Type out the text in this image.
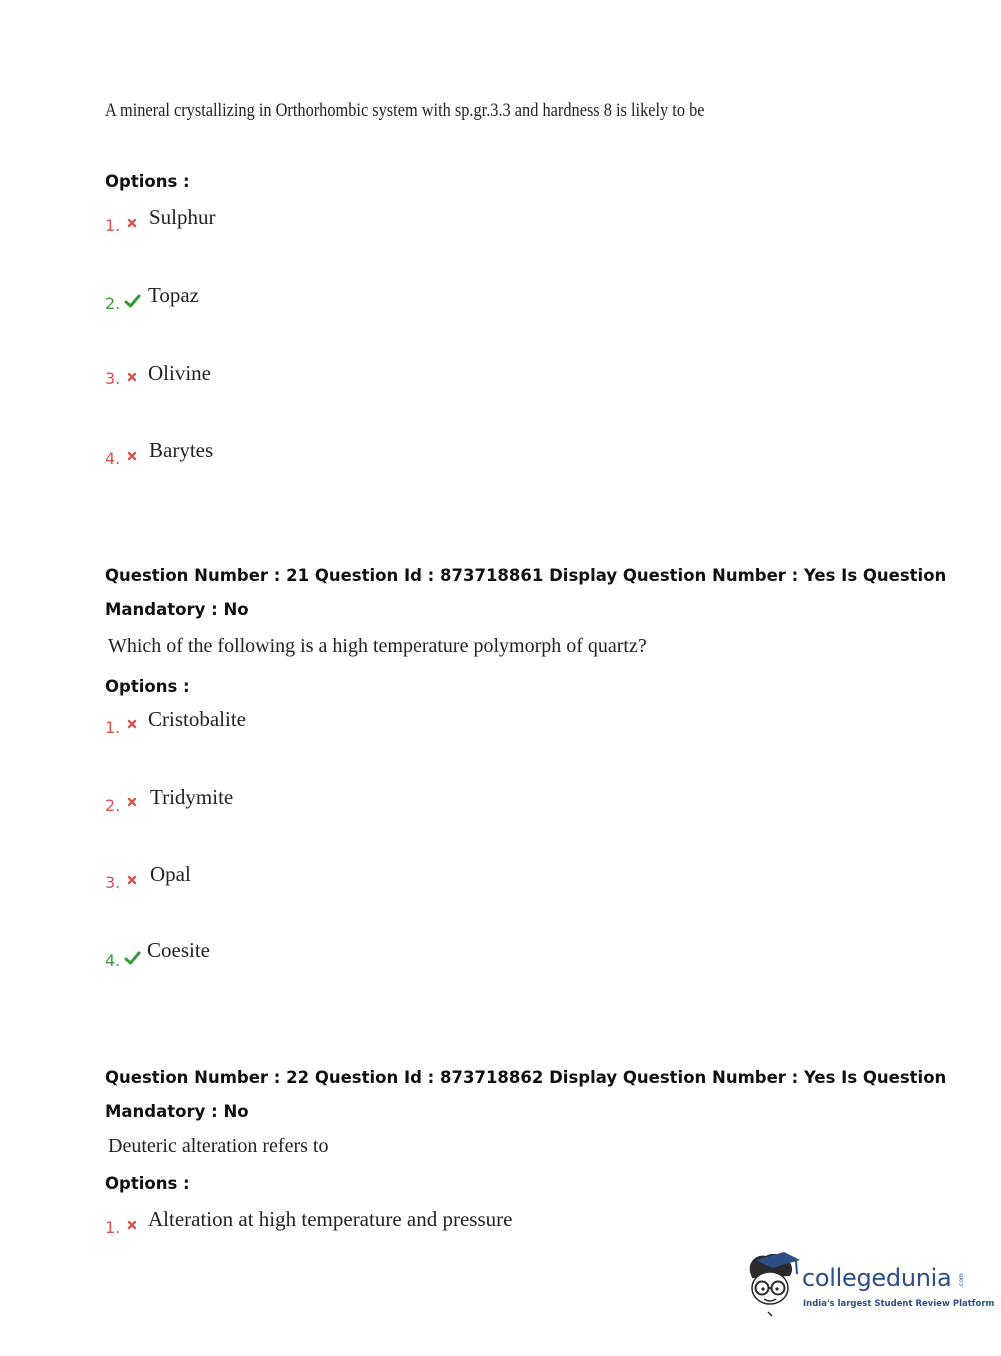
A mineral crystallizing in Orthorhombic system with sp.gr.3.3 and hardness 8 is likely to be
Options :
1. Sulphur
2. Topaz
3. Olivine
4. Barytes
Question Number : 21 Question Id : 873718861 Display Question Number : Yes Is Question
Mandatory : No
Which of the following is a high temperature polymorph of quartz?
Options :
1. Cristobalite
2. Tridymite
3. Opal
4. Coesite
Question Number : 22 Question Id : 873718862 Display Question Number : Yes Is Question
Mandatory : No
Deuteric alteration refers to
Options :
1. Alteration at high temperature and pressure
collegedunia .com
India's largest Student Review Platform
